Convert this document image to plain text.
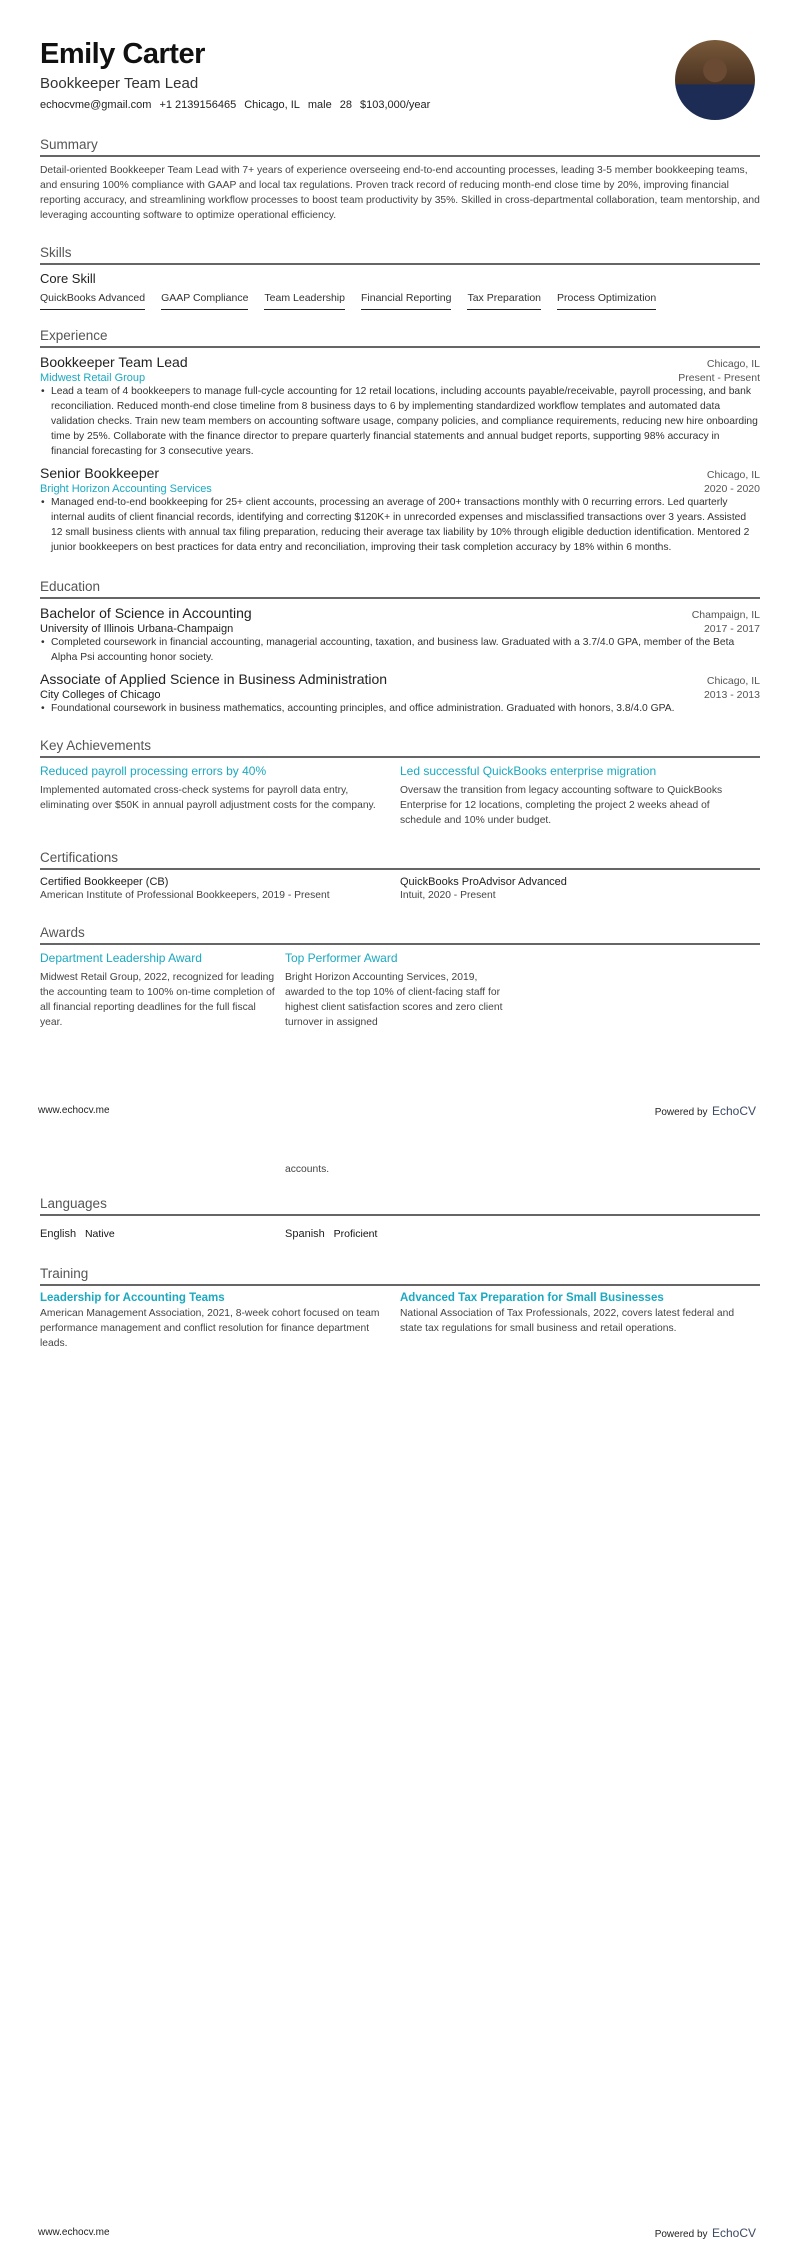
Emily Carter
Bookkeeper Team Lead
echocvme@gmail.com +1 2139156465 Chicago, IL male 28 $103,000/year
Summary
Detail-oriented Bookkeeper Team Lead with 7+ years of experience overseeing end-to-end accounting processes, leading 3-5 member bookkeeping teams, and ensuring 100% compliance with GAAP and local tax regulations. Proven track record of reducing month-end close time by 20%, improving financial reporting accuracy, and streamlining workflow processes to boost team productivity by 35%. Skilled in cross-departmental collaboration, team mentorship, and leveraging accounting software to optimize operational efficiency.
Skills
Core Skill
QuickBooks Advanced GAAP Compliance Team Leadership Financial Reporting Tax Preparation Process Optimization
Experience
Bookkeeper Team Lead	Chicago, IL
Midwest Retail Group	Present - Present
• Lead a team of 4 bookkeepers to manage full-cycle accounting for 12 retail locations, including accounts payable/receivable, payroll processing, and bank reconciliation. Reduced month-end close timeline from 8 business days to 6 by implementing standardized workflow templates and automated data validation checks. Train new team members on accounting software usage, company policies, and compliance requirements, reducing new hire onboarding time by 25%. Collaborate with the finance director to prepare quarterly financial statements and annual budget reports, supporting 98% accuracy in financial forecasting for 3 consecutive years.
Senior Bookkeeper	Chicago, IL
Bright Horizon Accounting Services	2020 - 2020
• Managed end-to-end bookkeeping for 25+ client accounts, processing an average of 200+ transactions monthly with 0 recurring errors. Led quarterly internal audits of client financial records, identifying and correcting $120K+ in unrecorded expenses and misclassified transactions over 3 years. Assisted 12 small business clients with annual tax filing preparation, reducing their average tax liability by 10% through eligible deduction identification. Mentored 2 junior bookkeepers on best practices for data entry and reconciliation, improving their task completion accuracy by 18% within 6 months.
Education
Bachelor of Science in Accounting	Champaign, IL
University of Illinois Urbana-Champaign	2017 - 2017
• Completed coursework in financial accounting, managerial accounting, taxation, and business law. Graduated with a 3.7/4.0 GPA, member of the Beta Alpha Psi accounting honor society.
Associate of Applied Science in Business Administration	Chicago, IL
City Colleges of Chicago	2013 - 2013
• Foundational coursework in business mathematics, accounting principles, and office administration. Graduated with honors, 3.8/4.0 GPA.
Key Achievements
Reduced payroll processing errors by 40%
Implemented automated cross-check systems for payroll data entry, eliminating over $50K in annual payroll adjustment costs for the company.
Led successful QuickBooks enterprise migration
Oversaw the transition from legacy accounting software to QuickBooks Enterprise for 12 locations, completing the project 2 weeks ahead of schedule and 10% under budget.
Certifications
Certified Bookkeeper (CB)
American Institute of Professional Bookkeepers, 2019 - Present
QuickBooks ProAdvisor Advanced
Intuit, 2020 - Present
Awards
Department Leadership Award
Midwest Retail Group, 2022, recognized for leading the accounting team to 100% on-time completion of all financial reporting deadlines for the full fiscal year.
Top Performer Award
Bright Horizon Accounting Services, 2019, awarded to the top 10% of client-facing staff for highest client satisfaction scores and zero client turnover in assigned
www.echocv.me	Powered by EchoCV
accounts.
Languages
English Native	Spanish Proficient
Training
Leadership for Accounting Teams
American Management Association, 2021, 8-week cohort focused on team performance management and conflict resolution for finance department leads.
Advanced Tax Preparation for Small Businesses
National Association of Tax Professionals, 2022, covers latest federal and state tax regulations for small business and retail operations.
www.echocv.me	Powered by EchoCV
